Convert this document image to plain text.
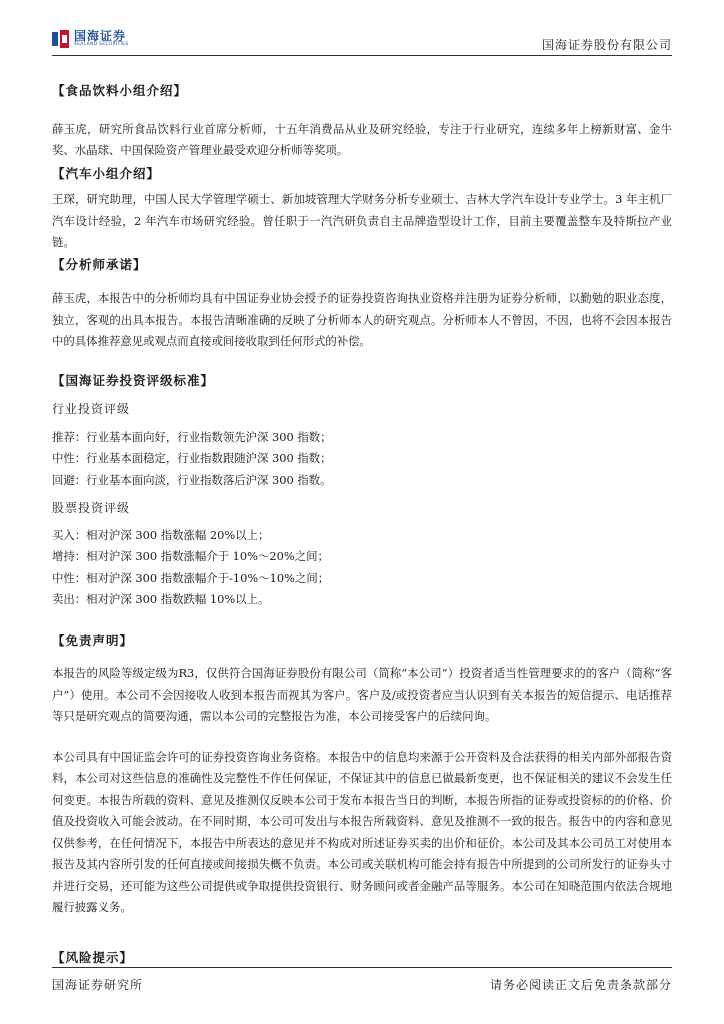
国海证券
SEALAND SECURITIES	国海证券股份有限公司

【食品饮料小组介绍】

薛玉虎，研究所食品饮料行业首席分析师，十五年消费品从业及研究经验，专注于行业研究，连续多年上榜新财富、金牛奖、水晶球、中国保险资产管理业最受欢迎分析师等奖项。

【汽车小组介绍】

王琛，研究助理，中国人民大学管理学硕士、新加坡管理大学财务分析专业硕士、吉林大学汽车设计专业学士。3 年主机厂汽车设计经验，2 年汽车市场研究经验。曾任职于一汽汽研负责自主品牌造型设计工作，目前主要覆盖整车及特斯拉产业链。

【分析师承诺】

薛玉虎，本报告中的分析师均具有中国证券业协会授予的证券投资咨询执业资格并注册为证券分析师，以勤勉的职业态度，独立，客观的出具本报告。本报告清晰准确的反映了分析师本人的研究观点。分析师本人不曾因，不因，也将不会因本报告中的具体推荐意见或观点而直接或间接收取到任何形式的补偿。

【国海证券投资评级标准】

行业投资评级

推荐：行业基本面向好，行业指数领先沪深 300 指数；

中性：行业基本面稳定，行业指数跟随沪深 300 指数；

回避：行业基本面向淡，行业指数落后沪深 300 指数。

股票投资评级

买入：相对沪深 300 指数涨幅 20%以上；

增持：相对沪深 300 指数涨幅介于 10%～20%之间；

中性：相对沪深 300 指数涨幅介于-10%～10%之间；

卖出：相对沪深 300 指数跌幅 10%以上。

【免责声明】

本报告的风险等级定级为R3，仅供符合国海证券股份有限公司（简称“本公司”）投资者适当性管理要求的的客户（简称“客户”）使用。本公司不会因接收人收到本报告而视其为客户。客户及/或投资者应当认识到有关本报告的短信提示、电话推荐等只是研究观点的简要沟通，需以本公司的完整报告为准，本公司接受客户的后续问询。

本公司具有中国证监会许可的证券投资咨询业务资格。本报告中的信息均来源于公开资料及合法获得的相关内部外部报告资料，本公司对这些信息的准确性及完整性不作任何保证，不保证其中的信息已做最新变更，也不保证相关的建议不会发生任何变更。本报告所载的资料、意见及推测仅反映本公司于发布本报告当日的判断，本报告所指的证券或投资标的的价格、价值及投资收入可能会波动。在不同时期，本公司可发出与本报告所载资料、意见及推测不一致的报告。报告中的内容和意见仅供参考，在任何情况下，本报告中所表达的意见并不构成对所述证券买卖的出价和征价。本公司及其本公司员工对使用本报告及其内容所引发的任何直接或间接损失概不负责。本公司或关联机构可能会持有报告中所提到的公司所发行的证券头寸并进行交易，还可能为这些公司提供或争取提供投资银行、财务顾问或者金融产品等服务。本公司在知晓范围内依法合规地履行披露义务。

【风险提示】

国海证券研究所	请务必阅读正文后免责条款部分
